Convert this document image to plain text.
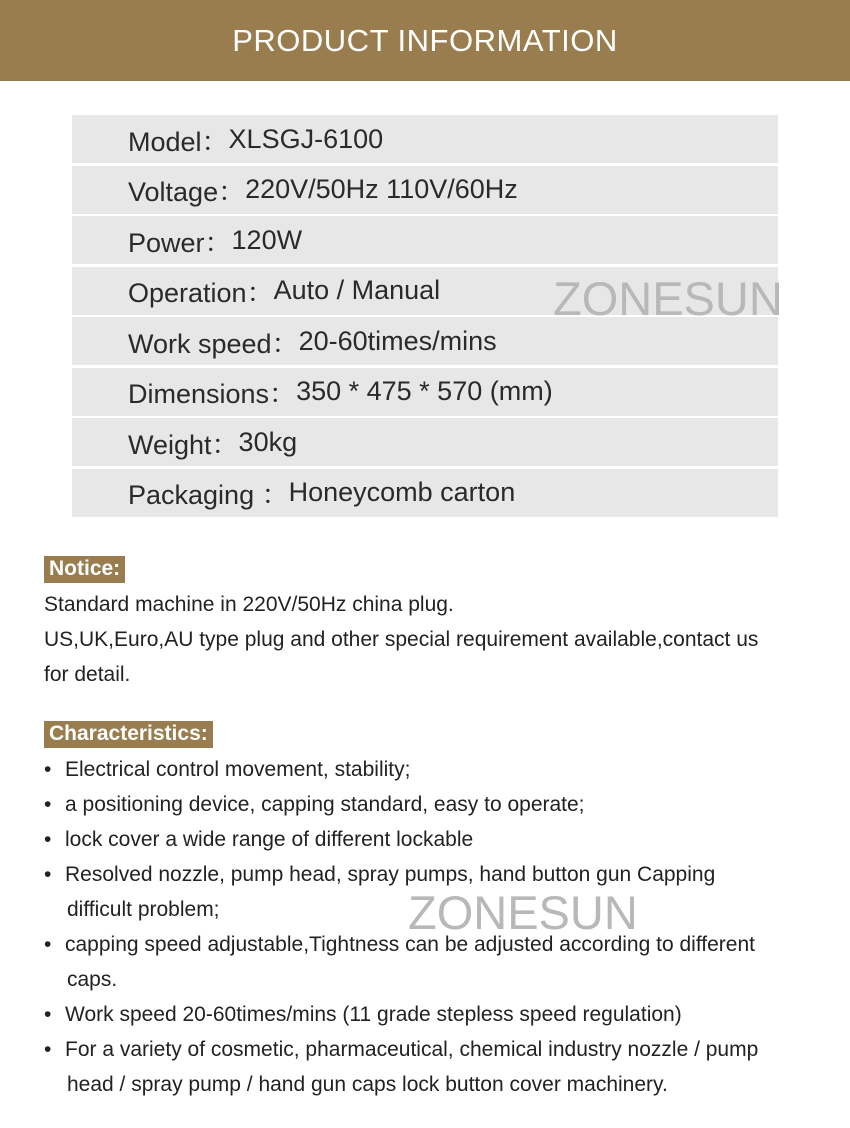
PRODUCT INFORMATION
Model： XLSGJ-6100
Voltage： 220V/50Hz 110V/60Hz
Power： 120W
Operation： Auto / Manual
Work speed： 20-60times/mins
Dimensions： 350 * 475 * 570 (mm)
Weight： 30kg
Packaging ： Honeycomb carton
ZONESUN
Notice:
Standard machine in 220V/50Hz china plug.
US,UK,Euro,AU type plug and other special requirement available,contact us
for detail.
Characteristics:
• Electrical control movement, stability;
• a positioning device, capping standard, easy to operate;
• lock cover a wide range of different lockable
• Resolved nozzle, pump head, spray pumps, hand button gun Capping
difficult problem;
• capping speed adjustable,Tightness can be adjusted according to different
caps.
• Work speed 20-60times/mins (11 grade stepless speed regulation)
• For a variety of cosmetic, pharmaceutical, chemical industry nozzle / pump
head / spray pump / hand gun caps lock button cover machinery.
ZONESUN
